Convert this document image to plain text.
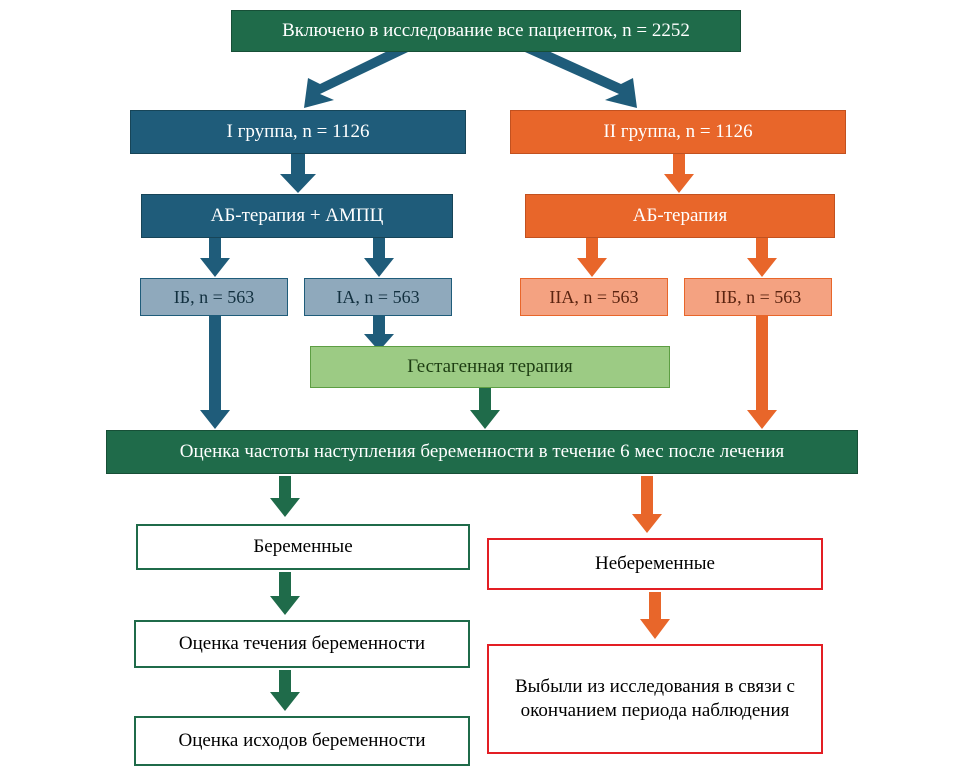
Включено в исследование все пациенток, n = 2252
I группа, n = 1126	II группа, n = 1126
АБ-терапия + АМПЦ	АБ-терапия
IБ, n = 563	IА, n = 563	IIА, n = 563	IIБ, n = 563
Гестагенная терапия
Оценка частоты наступления беременности в течение 6 мес после лечения
Беременные
Небеременные
Оценка течения беременности
Оценка исходов беременности
Выбыли из исследования в связи с окончанием периода наблюдения
